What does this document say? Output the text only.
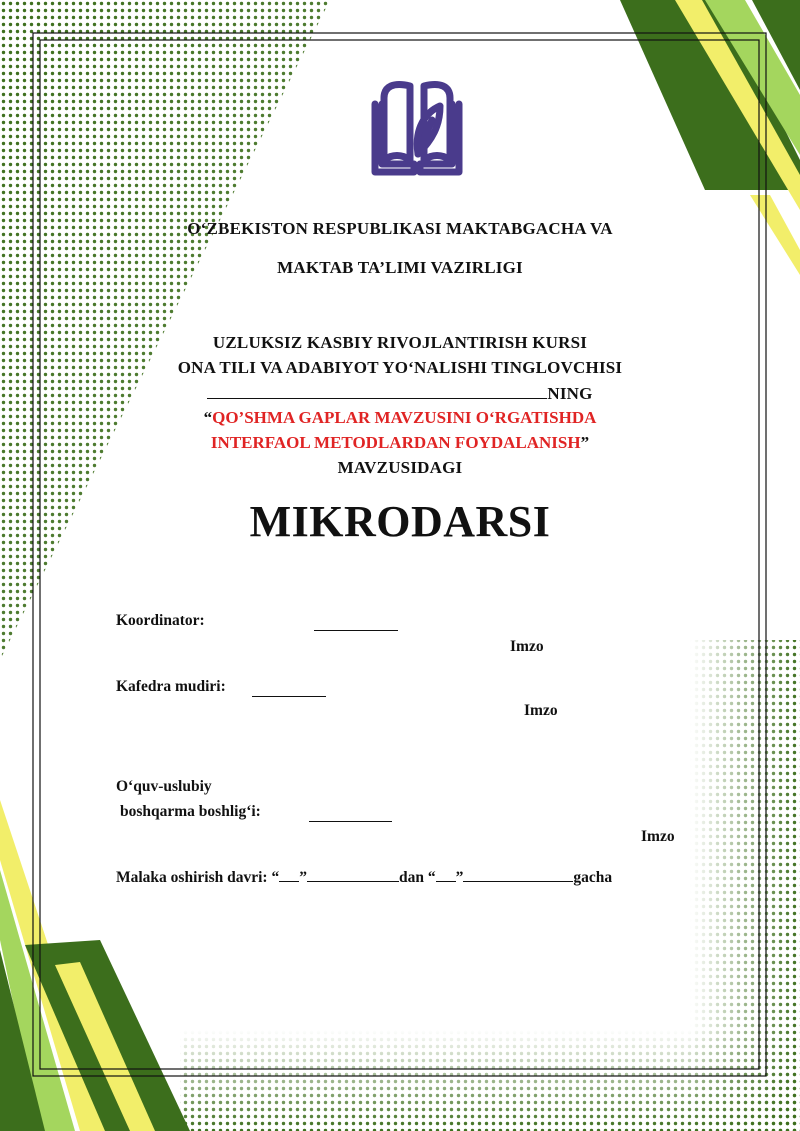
O‘ZBEKISTON RESPUBLIKASI MAKTABGACHA VA
MAKTAB TA’LIMI VAZIRLIGI
UZLUKSIZ KASBIY RIVOJLANTIRISH KURSI
ONA TILI VA ADABIYOT YO‘NALISHI TINGLOVCHISI
NING
“QO’SHMA GAPLAR MAVZUSINI O‘RGATISHDA
INTERFAOL METODLARDAN FOYDALANISH”
MAVZUSIDAGI
MIKRODARSI
Koordinator:
Imzo
Kafedra mudiri:
Imzo
O‘quv-uslubiy
boshqarma boshlig‘i:
Imzo
Malaka oshirish davri: “ ”	dan “ ”	gacha
